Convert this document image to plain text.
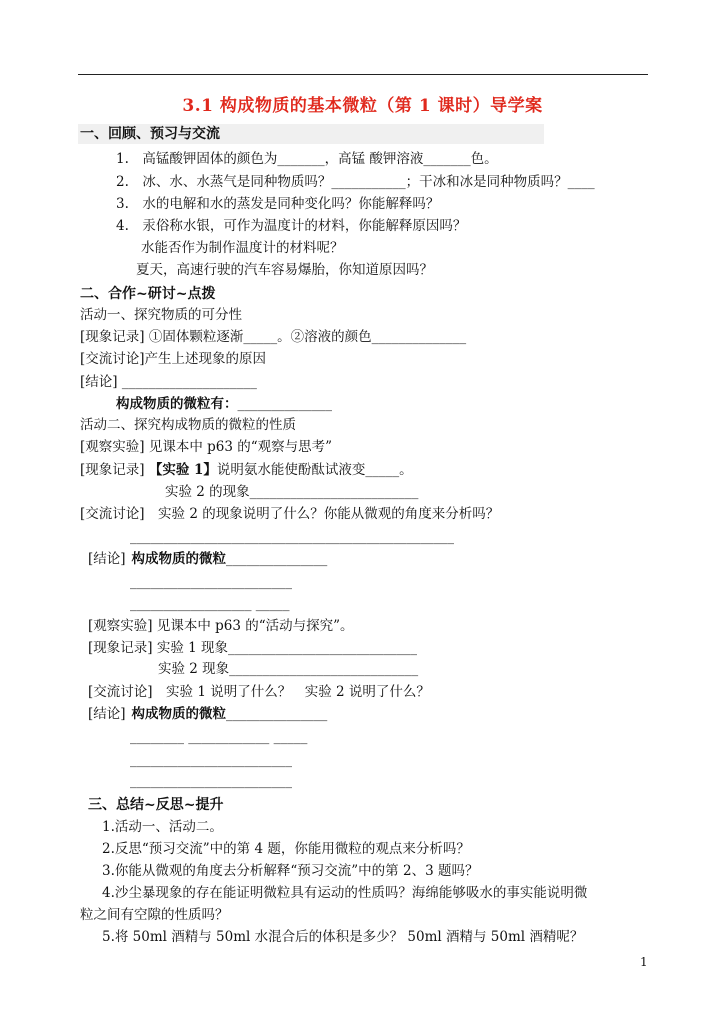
3.1 构成物质的基本微粒（第 1 课时）导学案
一、回顾、预习与交流
1.　高锰酸钾固体的颜色为_______，高锰 酸钾溶液_______色。
2.　冰、水、水蒸气是同种物质吗？___________；干冰和冰是同种物质吗？____
3.　水的电解和水的蒸发是同种变化吗？你能解释吗？
4.　汞俗称水银，可作为温度计的材料，你能解释原因吗？
水能否作为制作温度计的材料呢？
夏天，高速行驶的汽车容易爆胎，你知道原因吗？
二、合作~研讨~点拨
活动一、探究物质的可分性
[现象记录] ①固体颗粒逐渐_____。②溶液的颜色______________
[交流讨论]产生上述现象的原因
[结论] ____________________
构成物质的微粒有：______________
活动二、探究构成物质的微粒的性质
[观察实验] 见课本中 p63 的“观察与思考”
[现象记录] 【实验 1】说明氨水能使酚酞试液变_____。
实验 2 的现象_________________________
[交流讨论]　实验 2 的现象说明了什么？你能从微观的角度来分析吗？
________________________________________________
[结论] 构成物质的微粒_______________
________________________
__________________ _____
[观察实验] 见课本中 p63 的“活动与探究”。
[现象记录] 实验 1 现象____________________________
实验 2 现象____________________________
[交流讨论]　实验 1 说明了什么？　实验 2 说明了什么？
[结论] 构成物质的微粒_______________
________ ____________ _____
________________________
________________________
三、总结~反思~提升
1.活动一、活动二。
2.反思“预习交流”中的第 4 题，你能用微粒的观点来分析吗？
3.你能从微观的角度去分析解释“预习交流”中的第 2、3 题吗？
4.沙尘暴现象的存在能证明微粒具有运动的性质吗？海绵能够吸水的事实能说明微
粒之间有空隙的性质吗？
5.将 50ml 酒精与 50ml 水混合后的体积是多少？ 50ml 酒精与 50ml 酒精呢？
1
